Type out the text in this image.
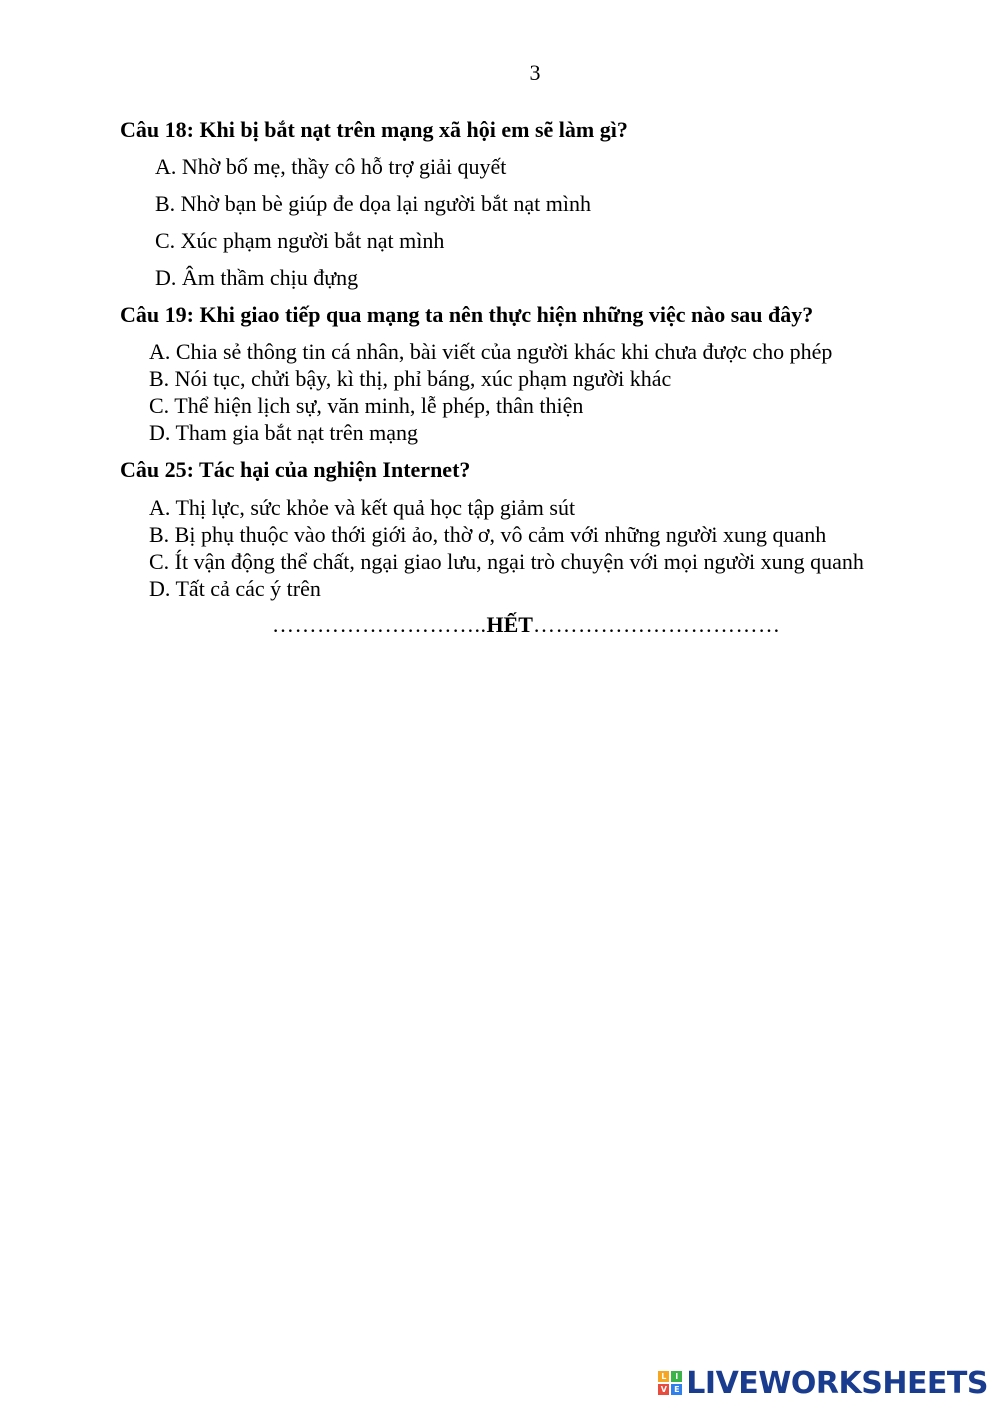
3
Câu 18: Khi bị bắt nạt trên mạng xã hội em sẽ làm gì?
A. Nhờ bố mẹ, thầy cô hỗ trợ giải quyết
B. Nhờ bạn bè giúp đe dọa lại người bắt nạt mình
C. Xúc phạm người bắt nạt mình
D. Âm thầm chịu đựng
Câu 19: Khi giao tiếp qua mạng ta nên thực hiện những việc nào sau đây?
A. Chia sẻ thông tin cá nhân, bài viết của người khác khi chưa được cho phép
B. Nói tục, chửi bậy, kì thị, phỉ báng, xúc phạm người khác
C. Thể hiện lịch sự, văn minh, lễ phép, thân thiện
D. Tham gia bắt nạt trên mạng
Câu 25: Tác hại của nghiện Internet?
A. Thị lực, sức khỏe và kết quả học tập giảm sút
B. Bị phụ thuộc vào thới giới ảo, thờ ơ, vô cảm với những người xung quanh
C. Ít vận động thể chất, ngại giao lưu, ngại trò chuyện với mọi người xung quanh
D. Tất cả các ý trên
………………………..HẾT……………………………
L	I
V E LIVEWORKSHEETS
